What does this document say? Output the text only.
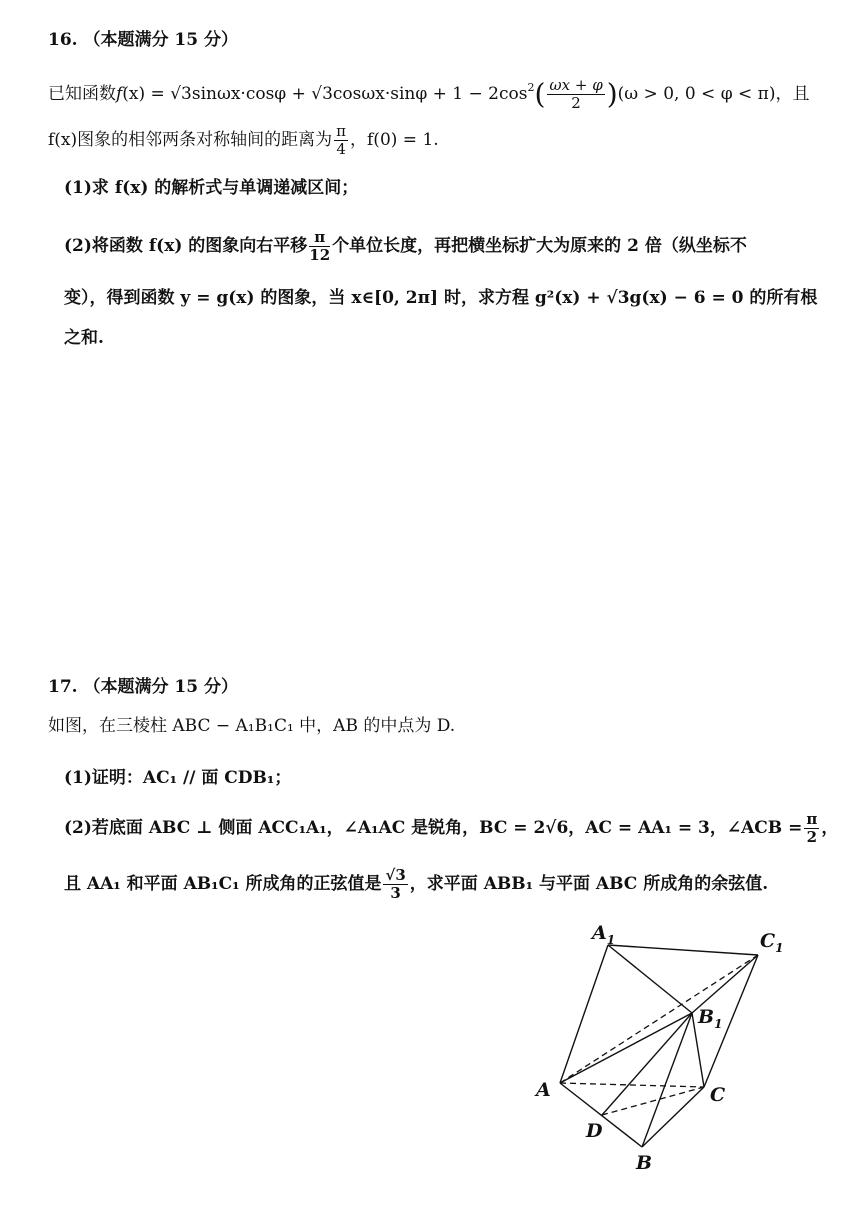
16. （本题满分 15 分）
已知函数$f(x) = √3\sin\omega x\cdot\cos\varphi + √3\cos\omega x\cdot\sin\varphi + 1 - 2\cos^2( \frac{\omega x + \varphi}{2} )(\omega > 0$, 0 < φ < π)，且
f(x)图象的相邻两条对称轴间的距离为 $\frac{\pi}{4}$ ，f(0) = 1.
(1)求 f(x) 的解析式与单调递减区间；
(2)将函数 f(x) 的图象向右平移 $\frac{\pi}{12}$ 个单位长度，再把横坐标扩大为原来的 2 倍（纵坐标不
变），得到函数 y = g(x) 的图象，当 x∈[0, 2π] 时，求方程 g²(x) + √3g(x) − 6 = 0 的所有根
之和.
17. （本题满分 15 分）
如图，在三棱柱 ABC − A₁B₁C₁ 中，AB 的中点为 D.
(1)证明：AC₁ // 面 CDB₁；
(2)若底面 ABC ⊥ 侧面 ACC₁A₁，∠A₁AC 是锐角，BC = 2√6，AC = AA₁ = 3，∠ACB = $\frac{\pi}{2}$ ，
且 AA₁ 和平面 AB₁C₁ 所成角的正弦值是 $\frac{√3}{3}$ ，求平面 ABB₁ 与平面 ABC 所成角的余弦值.
$A_1$	$C_1$
$B_1$
A	C
D
B
